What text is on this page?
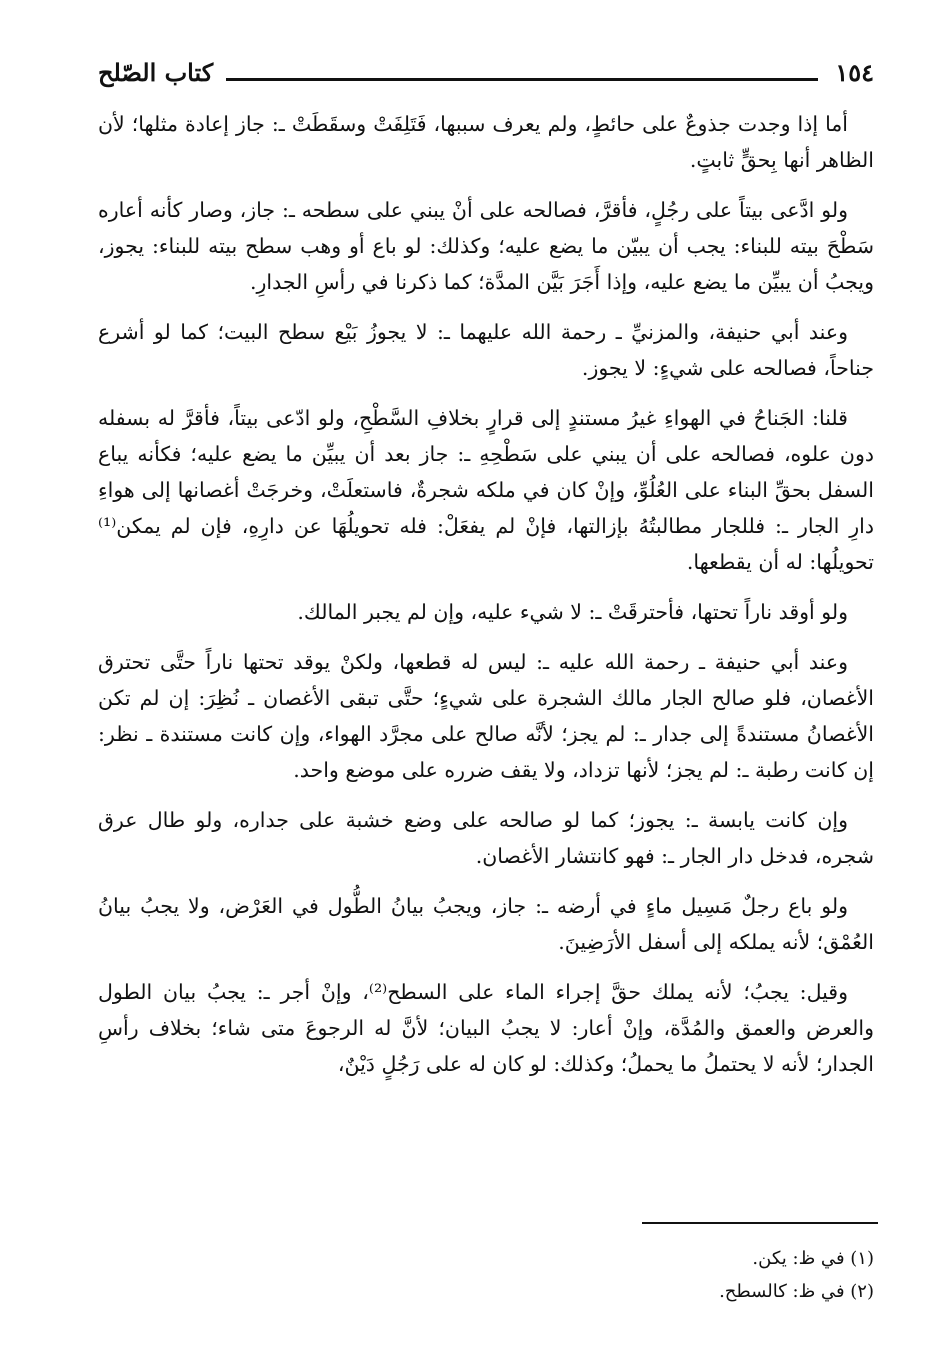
١٥٤
كتاب الصّلح

أما إذا وجدت جذوعٌ على حائطٍ، ولم يعرف سببها، فَتَلِفَتْ وسقَطَتْ ـ: جاز إعادة مثلها؛ لأن الظاهر أنها بِحقٍّ ثابتٍ.

ولو ادَّعى بيتاً على رجُلٍ، فأقرَّ، فصالحه على أنْ يبني على سطحه ـ: جاز، وصار كأنه أعاره سَطْحَ بيته للبناء: يجب أن يبيّن ما يضع عليه؛ وكذلك: لو باع أو وهب سطح بيته للبناء: يجوز، ويجبُ أن يبيِّن ما يضع عليه، وإذا أَجَرَ بَيَّن المدَّة؛ كما ذكرنا في رأسِ الجدارِ.

وعند أبي حنيفة، والمزنيِّ ـ رحمة الله عليهما ـ: لا يجوزُ بَيْع سطح البيت؛ كما لو أشرع جناحاً، فصالحه على شيءٍ: لا يجوز.

قلنا: الجَناحُ في الهواءِ غيرُ مستندٍ إلى قرارٍ بخلافِ السَّطْحِ، ولو ادّعى بيتاً، فأقرَّ له بسفله دون علوه، فصالحه على أن يبني على سَطْحِهِ ـ: جاز بعد أن يبيِّن ما يضع عليه؛ فكأنه يباع السفل بحقِّ البناء على العُلُوِّ، وإنْ كان في ملكه شجرةٌ، فاستعلَتْ، وخرجَتْ أغصانها إلى هواءِ دارِ الجار ـ: فللجار مطالبتُهُ بإزالتها، فإنْ لم يفعَلْ: فله تحويلُهَا عن دارِهِ، فإن لم يمكن⁽¹⁾ تحويلُها: له أن يقطعها.

ولو أوقد ناراً تحتها، فأحترقَتْ ـ: لا شيء عليه، وإن لم يجبر المالك.

وعند أبي حنيفة ـ رحمة الله عليه ـ: ليس له قطعها، ولكنْ يوقد تحتها ناراً حتَّى تحترق الأغصان، فلو صالح الجار مالك الشجرة على شيءٍ؛ حتَّى تبقى الأغصان ـ نُظِرَ: إن لم تكن الأغصانُ مستندةً إلى جدار ـ: لم يجز؛ لأنَّه صالح على مجرَّد الهواء، وإن كانت مستندة ـ نظر: إن كانت رطبة ـ: لم يجز؛ لأنها تزداد، ولا يقف ضرره على موضع واحد.

وإن كانت يابسة ـ: يجوز؛ كما لو صالحه على وضع خشبة على جداره، ولو طال عرق شجره، فدخل دار الجار ـ: فهو كانتشار الأغصان.

ولو باع رجلٌ مَسِيل ماءٍ في أرضه ـ: جاز، ويجبُ بيانُ الطُّول في العَرْض، ولا يجبُ بيانُ العُمْق؛ لأنه يملكه إلى أسفل الأرَضِينَ.

وقيل: يجبُ؛ لأنه يملك حقَّ إجراء الماء على السطح⁽²⁾، وإنْ أجر ـ: يجبُ بيان الطول والعرض والعمق والمُدَّة، وإنْ أعار: لا يجبُ البيان؛ لأنَّ له الرجوعَ متى شاء؛ بخلاف رأسِ الجدار؛ لأنه لا يحتملُ ما يحملُ؛ وكذلك: لو كان له على رَجُلٍ دَيْنٌ،

(١) في ظ: يكن.
(٢) في ظ: كالسطح.
